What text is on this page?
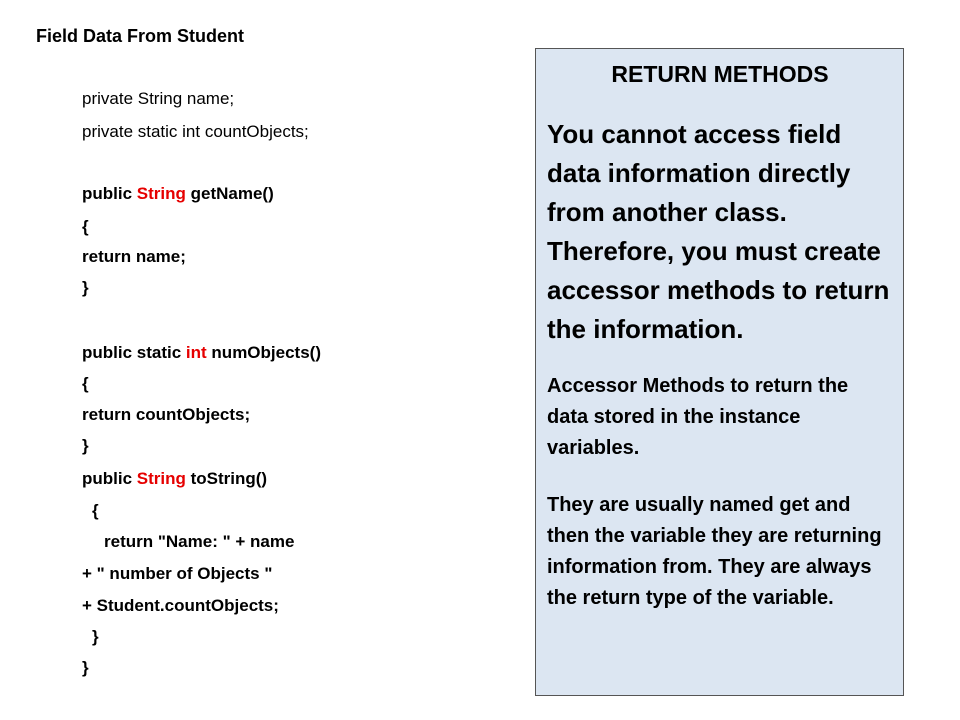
Field Data From Student
private String name;
private static int countObjects;
public String getName()
{
return name;
}
public static int numObjects()
{
return countObjects;
}
public String toString()
{
return "Name: " + name
+ " number of Objects "
+ Student.countObjects;
}
}
RETURN METHODS
You cannot access field data information directly from another class. Therefore, you must create accessor methods to return the information.
Accessor Methods to return the data stored in the instance variables.
They are usually named get and then the variable they are returning information from. They are always the return type of the variable.
